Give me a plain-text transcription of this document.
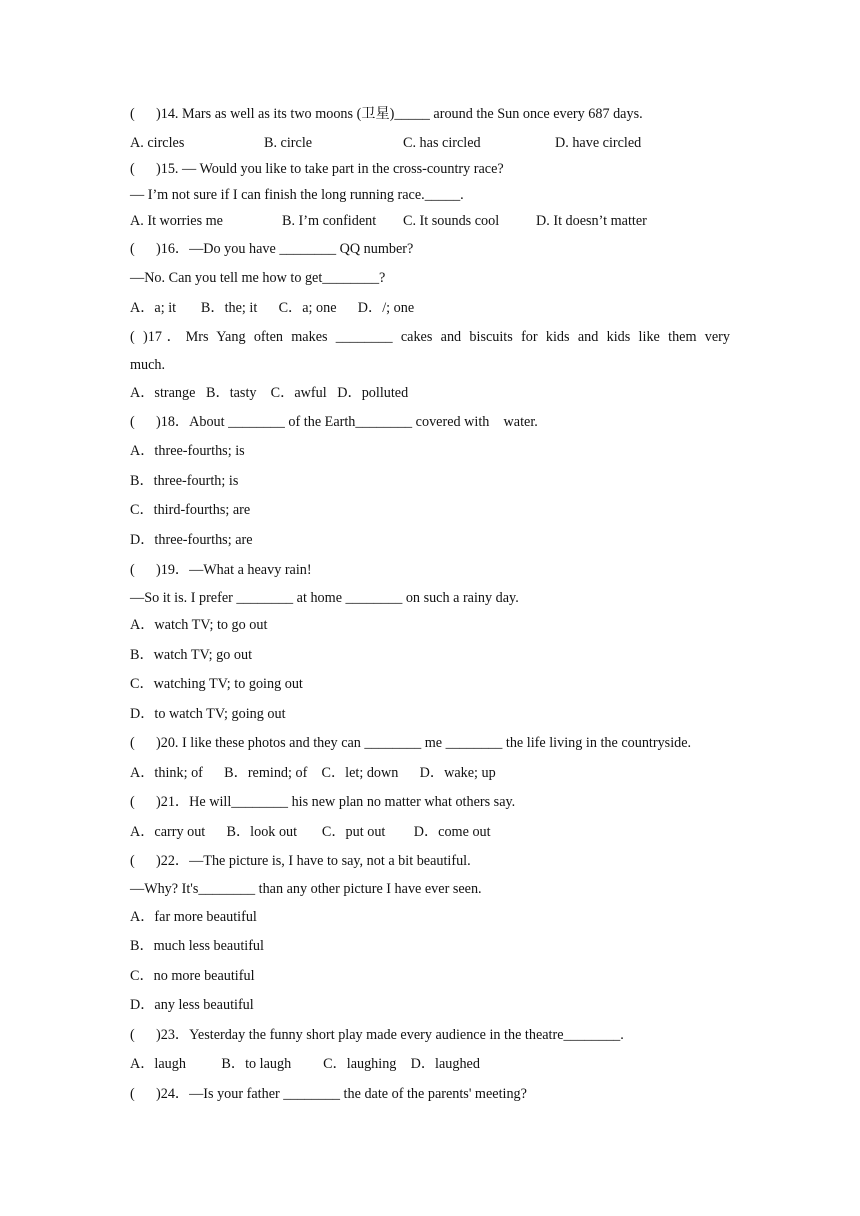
(      )14. Mars as well as its two moons (卫星)_____ around the Sun once every 687 days.
A. circles	B. circle	C. has circled	D. have circled
(      )15. — Would you like to take part in the cross-country race?
— I’m not sure if I can finish the long running race._____.
A. It worries me	B. I’m confident C. It sounds cool	D. It doesn’t matter
(      )16．—Do you have ________ QQ number?
—No. Can you tell me how to get________?
A．a; it       B．the; it      C．a; one      D．/; one
( )17．Mrs Yang often makes ________ cakes and biscuits for kids and kids like them very
much.
A．strange   B．tasty    C．awful   D．polluted
(      )18．About ________ of the Earth________ covered with    water.
A．three-fourths; is
B．three-fourth; is
C．third-fourths; are
D．three-fourths; are
(      )19．—What a heavy rain!
—So it is. I prefer ________ at home ________ on such a rainy day.
A．watch TV; to go out
B．watch TV; go out
C．watching TV; to going out
D．to watch TV; going out
(      )20. I like these photos and they can ________ me ________ the life living in the countryside.
A．think; of      B．remind; of    C．let; down      D．wake; up
(      )21．He will________ his new plan no matter what others say.
A．carry out      B．look out       C．put out        D．come out
(      )22．—The picture is, I have to say, not a bit beautiful.
—Why? It's________ than any other picture I have ever seen.
A．far more beautiful
B．much less beautiful
C．no more beautiful
D．any less beautiful
(      )23．Yesterday the funny short play made every audience in the theatre________.
A．laugh          B．to laugh         C．laughing    D．laughed
(      )24．—Is your father ________ the date of the parents' meeting?
